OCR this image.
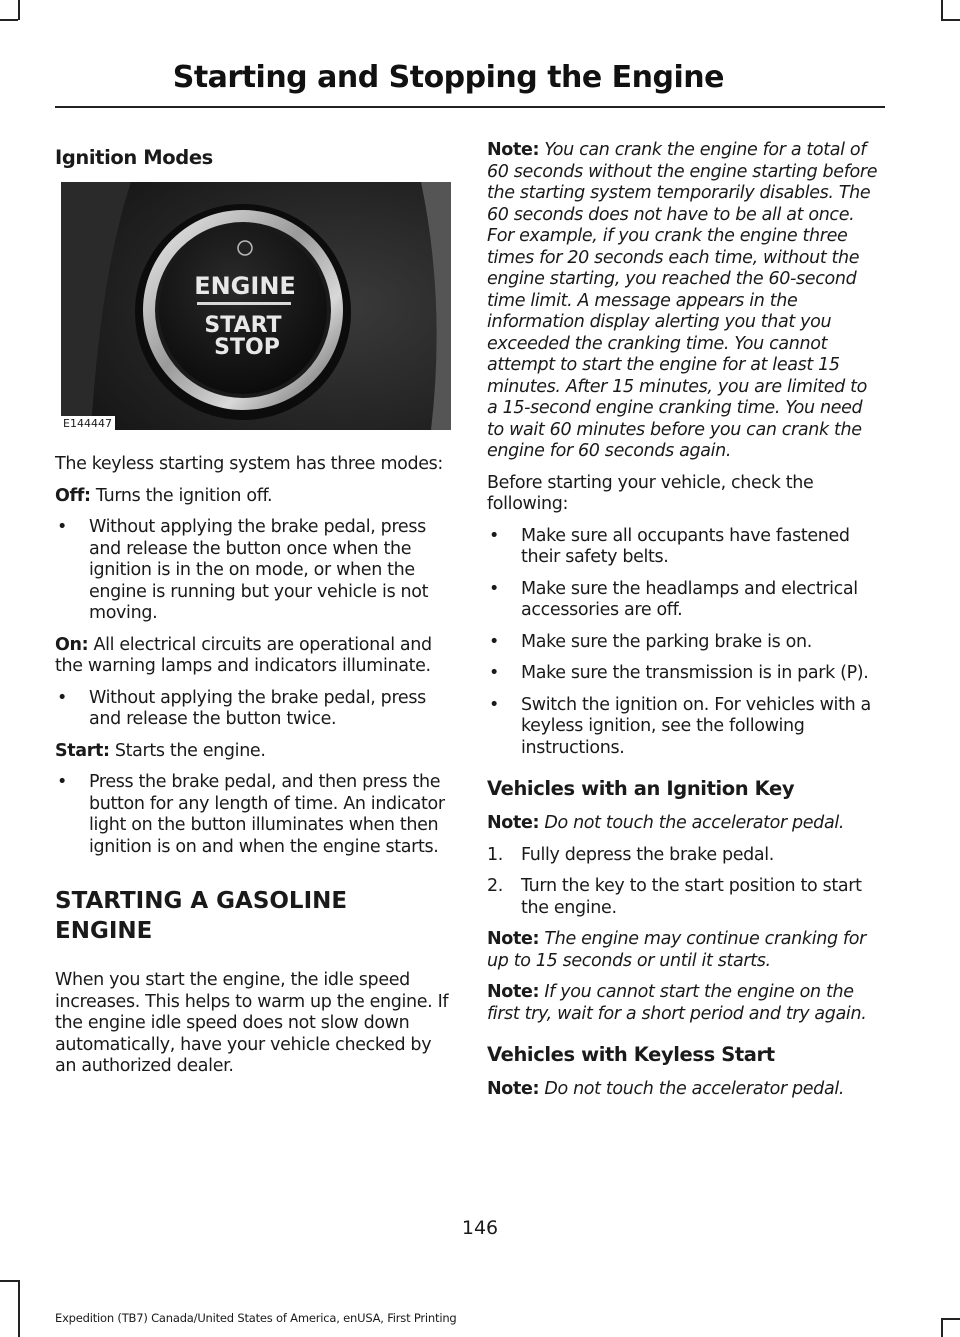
Starting and Stopping the Engine
Ignition Modes
ENGINE
START
STOP
E144447

The keyless starting system has three modes:

Off: Turns the ignition off.

• Without applying the brake pedal, press and release the button once when the ignition is in the on mode, or when the engine is running but your vehicle is not moving.

On: All electrical circuits are operational and the warning lamps and indicators illuminate.

• Without applying the brake pedal, press and release the button twice.

Start: Starts the engine.

• Press the brake pedal, and then press the button for any length of time. An indicator light on the button illuminates when then ignition is on and when the engine starts.
STARTING A GASOLINE
ENGINE

When you start the engine, the idle speed increases. This helps to warm up the engine. If the engine idle speed does not slow down automatically, have your vehicle checked by an authorized dealer.

Note: You can crank the engine for a total of 60 seconds without the engine starting before the starting system temporarily disables. The 60 seconds does not have to be all at once. For example, if you crank the engine three times for 20 seconds each time, without the engine starting, you reached the 60-second time limit. A message appears in the information display alerting you that you exceeded the cranking time. You cannot attempt to start the engine for at least 15 minutes. After 15 minutes, you are limited to a 15-second engine cranking time. You need to wait 60 minutes before you can crank the engine for 60 seconds again.

Before starting your vehicle, check the following:

• Make sure all occupants have fastened their safety belts.
• Make sure the headlamps and electrical accessories are off.
• Make sure the parking brake is on.
• Make sure the transmission is in park (P).
• Switch the ignition on. For vehicles with a keyless ignition, see the following instructions.
Vehicles with an Ignition Key

Note: Do not touch the accelerator pedal.

1. Fully depress the brake pedal.
2. Turn the key to the start position to start the engine.

Note: The engine may continue cranking for up to 15 seconds or until it starts.

Note: If you cannot start the engine on the first try, wait for a short period and try again.

Vehicles with Keyless Start

Note: Do not touch the accelerator pedal.

146
Expedition (TB7) Canada/United States of America, enUSA, First Printing
